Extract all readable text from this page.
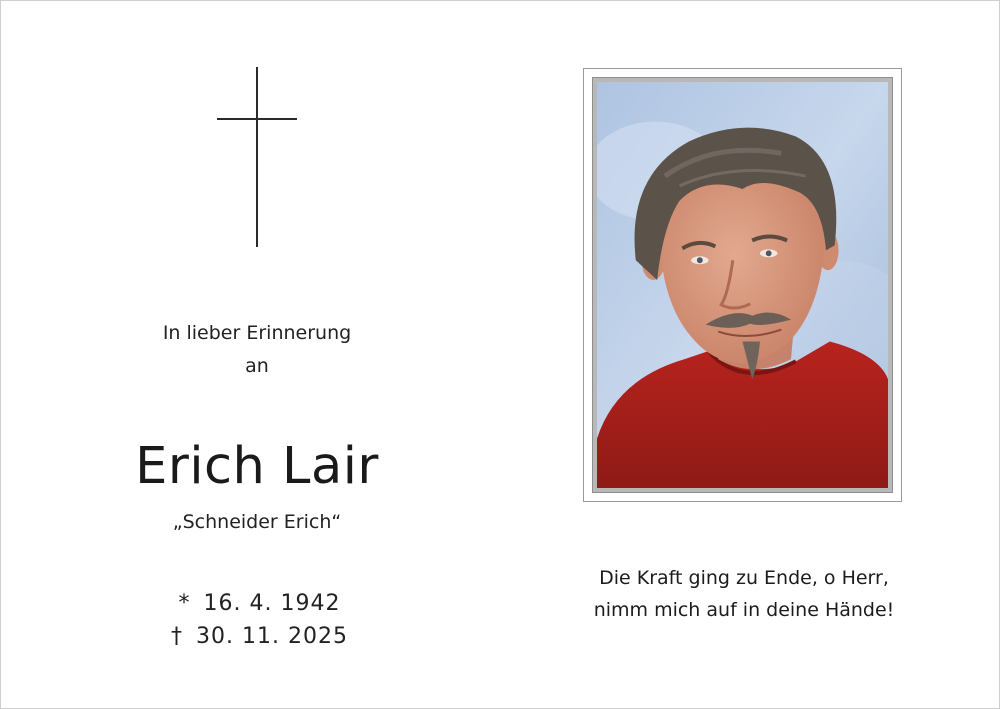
In lieber Erinnerung
an
Erich Lair
„Schneider Erich“
* 16. 4. 1942
† 30. 11. 2025
Die Kraft ging zu Ende, o Herr,
nimm mich auf in deine Hände!
